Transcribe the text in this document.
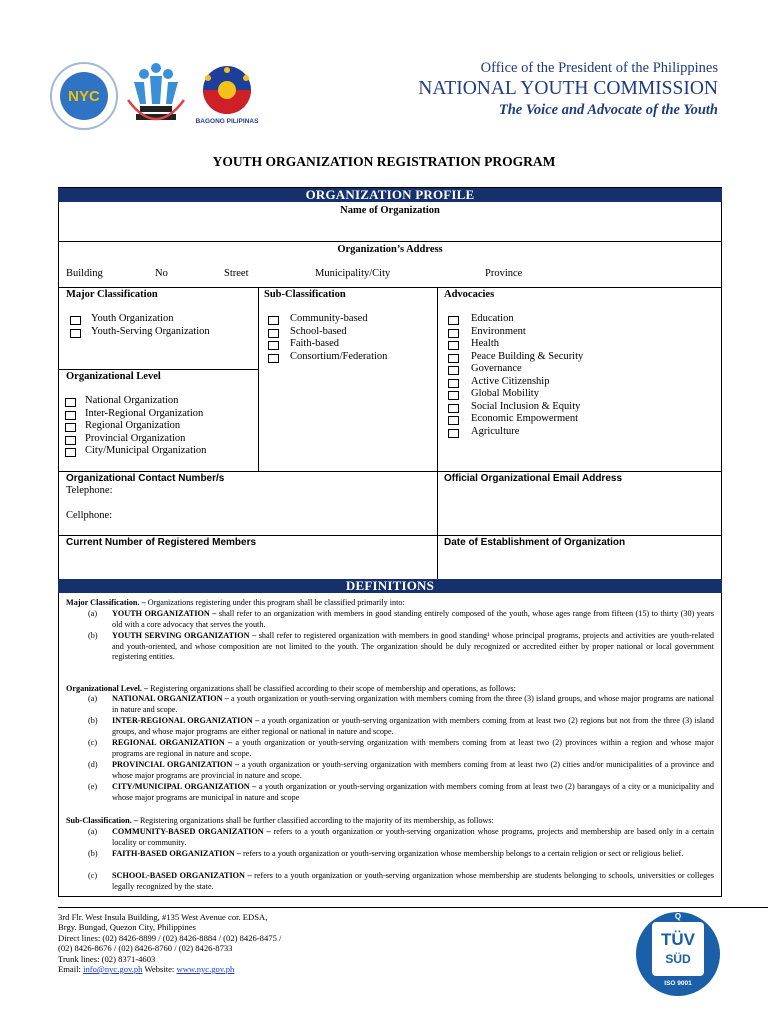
NYC
BAGONG PILIPINAS
Office of the President of the Philippines
NATIONAL YOUTH COMMISSION
The Voice and Advocate of the Youth
YOUTH ORGANIZATION REGISTRATION PROGRAM
ORGANIZATION PROFILE
Name of Organization
Organization’s Address
Building	No	Street	Municipality/City	Province
Major Classification
Youth Organization
Youth-Serving Organization
Sub-Classification
Community-based
School-based
Faith-based
Consortium/Federation
Advocacies
Education
Environment
Health
Peace Building & Security
Governance
Active Citizenship
Global Mobility
Social Inclusion & Equity
Economic Empowerment
Agriculture
Organizational Level
National Organization
Inter-Regional Organization
Regional Organization
Provincial Organization
City/Municipal Organization
Organizational Contact Number/s
Telephone:
Cellphone:
Official Organizational Email Address
Current Number of Registered Members	Date of Establishment of Organization
DEFINITIONS
Major Classification. – Organizations registering under this program shall be classified primarily into:
(a) YOUTH ORGANIZATION – shall refer to an organization with members in good standing entirely composed of the youth, whose ages range from fifteen (15) to thirty (30) years old with a core advocacy that serves the youth.
(b) YOUTH SERVING ORGANIZATION – shall refer to registered organization with members in good standing¹ whose principal programs, projects and activities are youth-related and youth-oriented, and whose composition are not limited to the youth. The organization should be duly recognized or accredited either by proper national or local government registering entities.
Organizational Level. – Registering organizations shall be classified according to their scope of membership and operations, as follows:
(a) NATIONAL ORGANIZATION – a youth organization or youth-serving organization with members coming from the three (3) island groups, and whose major programs are national in nature and scope.
(b) INTER-REGIONAL ORGANIZATION – a youth organization or youth-serving organization with members coming from at least two (2) regions but not from the three (3) island groups, and whose major programs are either regional or national in nature and scope.
(c) REGIONAL ORGANIZATION – a youth organization or youth-serving organization with members coming from at least two (2) provinces within a region and whose major programs are regional in nature and scope.
(d) PROVINCIAL ORGANIZATION – a youth organization or youth-serving organization with members coming from at least two (2) cities and/or municipalities of a province and whose major programs are provincial in nature and scope.
(e) CITY/MUNICIPAL ORGANIZATION – a youth organization or youth-serving organization with members coming from at least two (2) barangays of a city or a municipality and whose major programs are municipal in nature and scope
Sub-Classification. – Registering organizations shall be further classified according to the majority of its membership, as follows:
(a) COMMUNITY-BASED ORGANIZATION – refers to a youth organization or youth-serving organization whose programs, projects and membership are based only in a certain locality or community.
(b) FAITH-BASED ORGANIZATION – refers to a youth organization or youth-serving organization whose membership belongs to a certain religion or sect or religious belief.
(c) SCHOOL-BASED ORGANIZATION – refers to a youth organization or youth-serving organization whose membership are students belonging to schools, universities or colleges legally recognized by the state.
3rd Flr. West Insula Building, #135 West Avenue cor. EDSA,
Brgy. Bungad, Quezon City, Philippines
Direct lines: (02) 8426-8899 / (02) 8426-8884 / (02) 8426-8475 /
(02) 8426-8676 / (02) 8426-8760 / (02) 8426-8733
Trunk lines: (02) 8371-4603
Email: info@nyc.gov.ph Website: www.nyc.gov.ph
Q
TÜV
SÜD
ISO 9001
